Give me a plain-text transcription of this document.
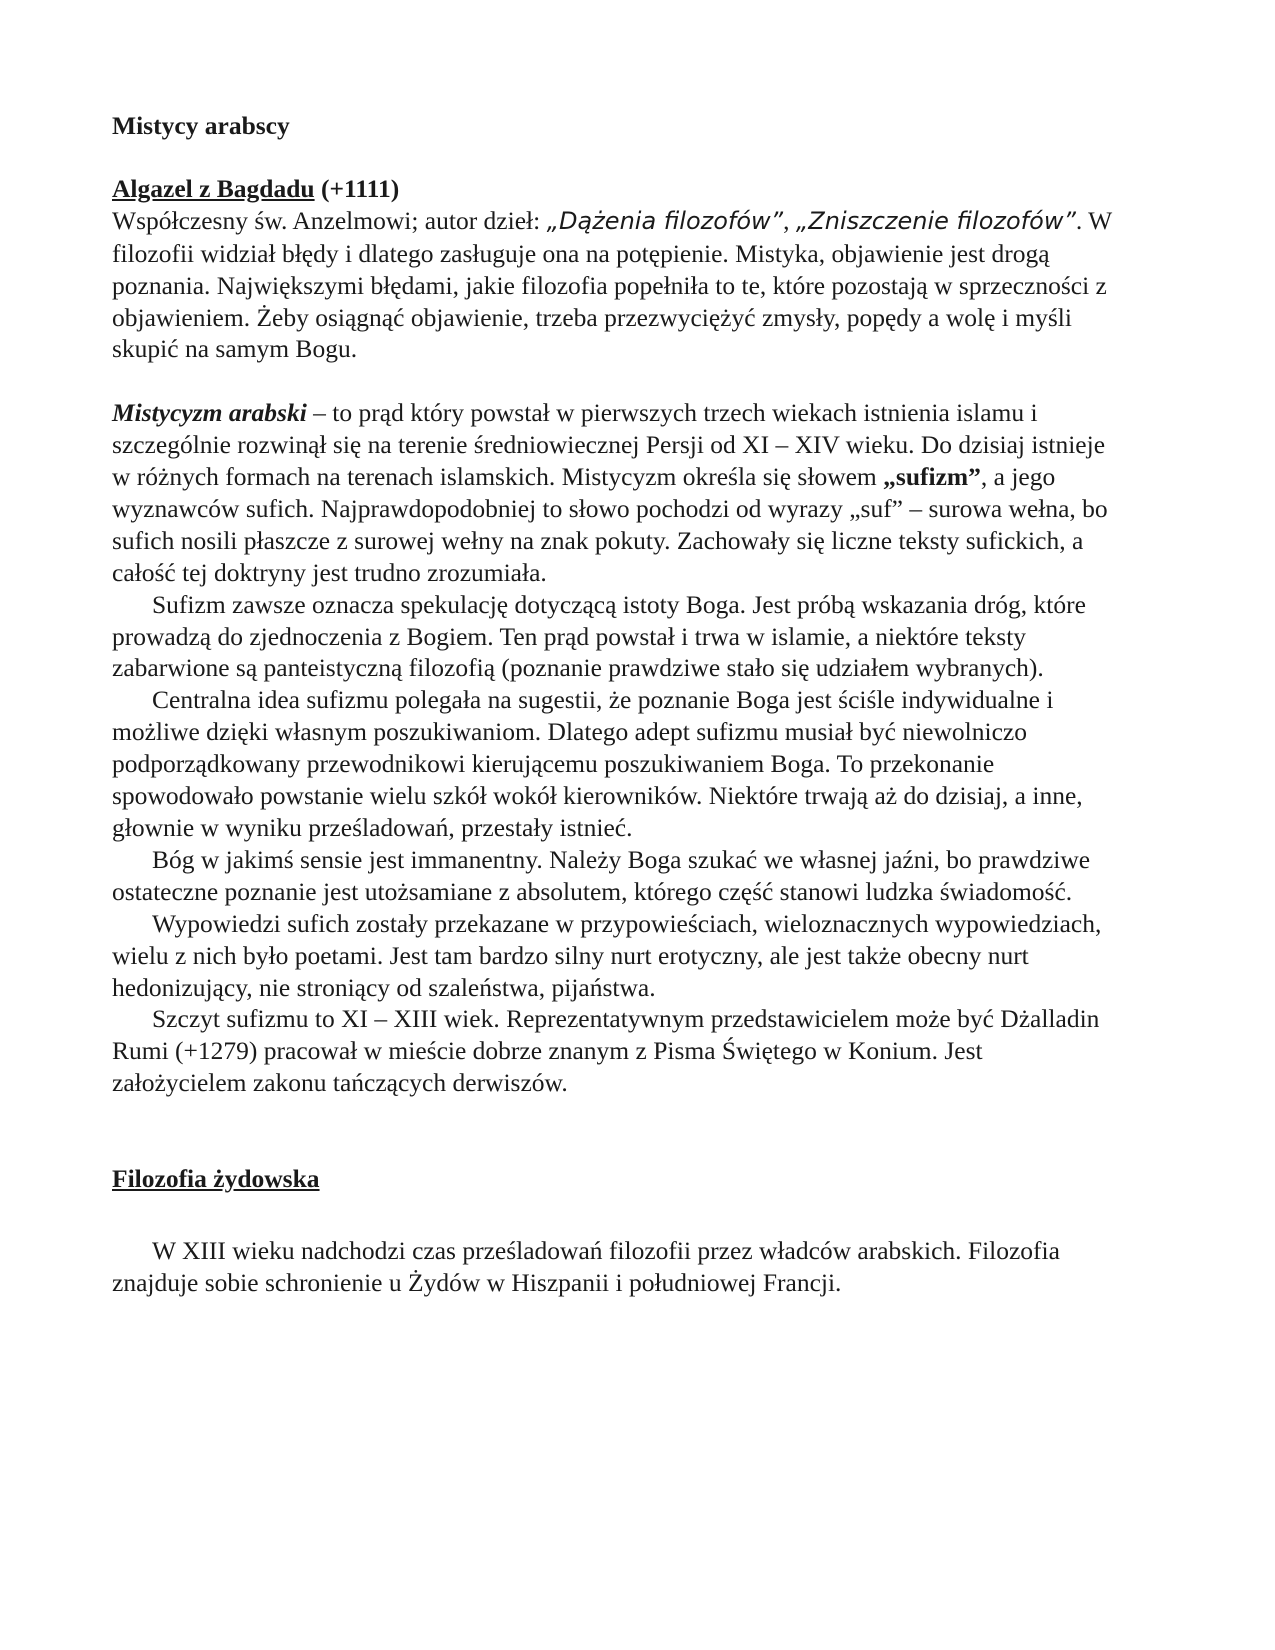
Mistycy arabscy

Algazel z Bagdadu (+1111)

Współczesny św. Anzelmowi; autor dzieł: „Dążenia filozofów”, „Zniszczenie filozofów”. W filozofii widział błędy i dlatego zasługuje ona na potępienie. Mistyka, objawienie jest drogą poznania. Największymi błędami, jakie filozofia popełniła to te, które pozostają w sprzeczności z objawieniem. Żeby osiągnąć objawienie, trzeba przezwyciężyć zmysły, popędy a wolę i myśli skupić na samym Bogu.

Mistycyzm arabski – to prąd który powstał w pierwszych trzech wiekach istnienia islamu i szczególnie rozwinął się na terenie średniowiecznej Persji od XI – XIV wieku. Do dzisiaj istnieje w różnych formach na terenach islamskich. Mistycyzm określa się słowem „sufizm”, a jego wyznawców sufich. Najprawdopodobniej to słowo pochodzi od wyrazy „suf” – surowa wełna, bo sufich nosili płaszcze z surowej wełny na znak pokuty. Zachowały się liczne teksty sufickich, a całość tej doktryny jest trudno zrozumiała.

Sufizm zawsze oznacza spekulację dotyczącą istoty Boga. Jest próbą wskazania dróg, które prowadzą do zjednoczenia z Bogiem. Ten prąd powstał i trwa w islamie, a niektóre teksty zabarwione są panteistyczną filozofią (poznanie prawdziwe stało się udziałem wybranych).

Centralna idea sufizmu polegała na sugestii, że poznanie Boga jest ściśle indywidualne i możliwe dzięki własnym poszukiwaniom. Dlatego adept sufizmu musiał być niewolniczo podporządkowany przewodnikowi kierującemu poszukiwaniem Boga. To przekonanie spowodowało powstanie wielu szkół wokół kierowników. Niektóre trwają aż do dzisiaj, a inne, głownie w wyniku prześladowań, przestały istnieć.

Bóg w jakimś sensie jest immanentny. Należy Boga szukać we własnej jaźni, bo prawdziwe ostateczne poznanie jest utożsamiane z absolutem, którego część stanowi ludzka świadomość.

Wypowiedzi sufich zostały przekazane w przypowieściach, wieloznacznych wypowiedziach, wielu z nich było poetami. Jest tam bardzo silny nurt erotyczny, ale jest także obecny nurt hedonizujący, nie stroniący od szaleństwa, pijaństwa.

Szczyt sufizmu to XI – XIII wiek. Reprezentatywnym przedstawicielem może być Dżalladin Rumi (+1279) pracował w mieście dobrze znanym z Pisma Świętego w Konium. Jest założycielem zakonu tańczących derwiszów.

Filozofia żydowska

W XIII wieku nadchodzi czas prześladowań filozofii przez władców arabskich. Filozofia znajduje sobie schronienie u Żydów w Hiszpanii i południowej Francji.
